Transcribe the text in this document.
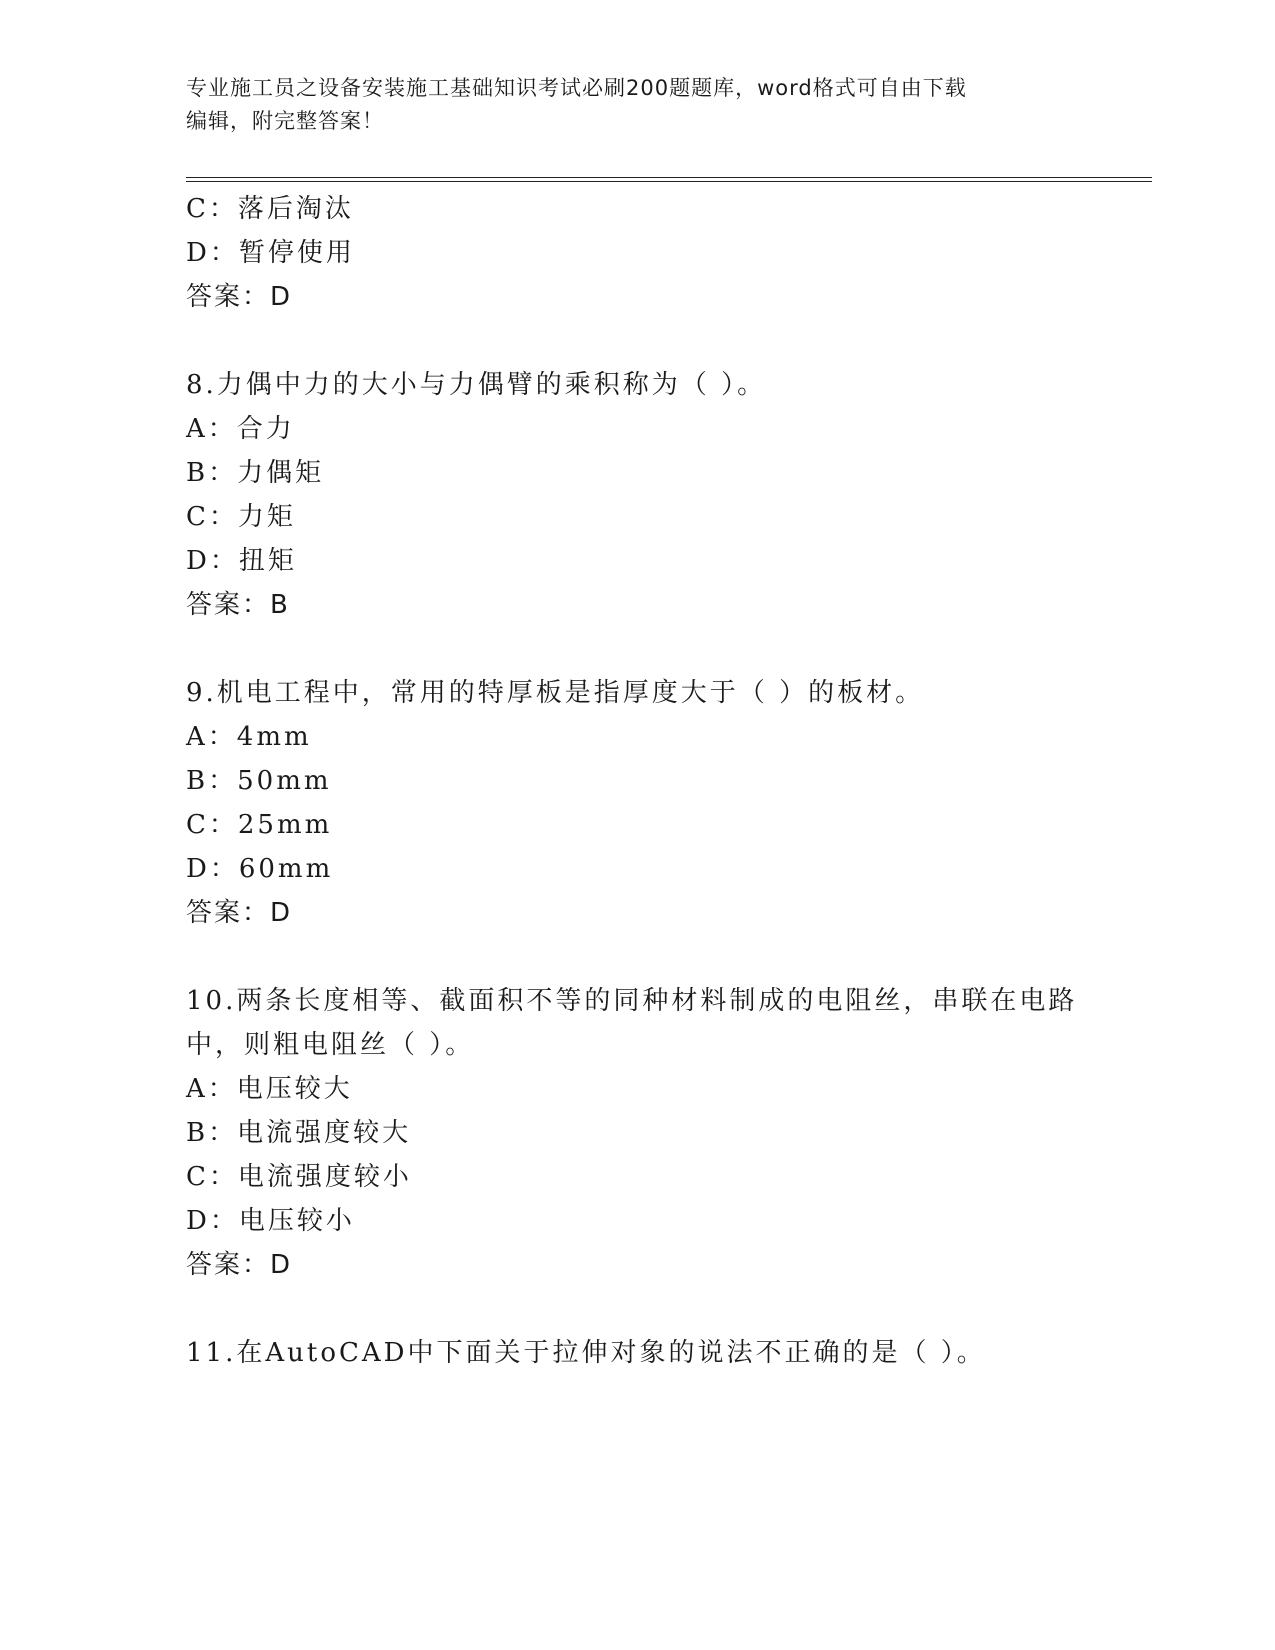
专业施工员之设备安装施工基础知识考试必刷200题题库，word格式可自由下载
编辑，附完整答案！
C：落后淘汰
D：暂停使用
答案：D
8.力偶中力的大小与力偶臂的乘积称为（ ）。
A：合力
B：力偶矩
C：力矩
D：扭矩
答案：B
9.机电工程中，常用的特厚板是指厚度大于（ ）的板材。
A：4mm
B：50mm
C：25mm
D：60mm
答案：D
10.两条长度相等、截面积不等的同种材料制成的电阻丝，串联在电路
中，则粗电阻丝（ ）。
A：电压较大
B：电流强度较大
C：电流强度较小
D：电压较小
答案：D
11.在AutoCAD中下面关于拉伸对象的说法不正确的是（ ）。
